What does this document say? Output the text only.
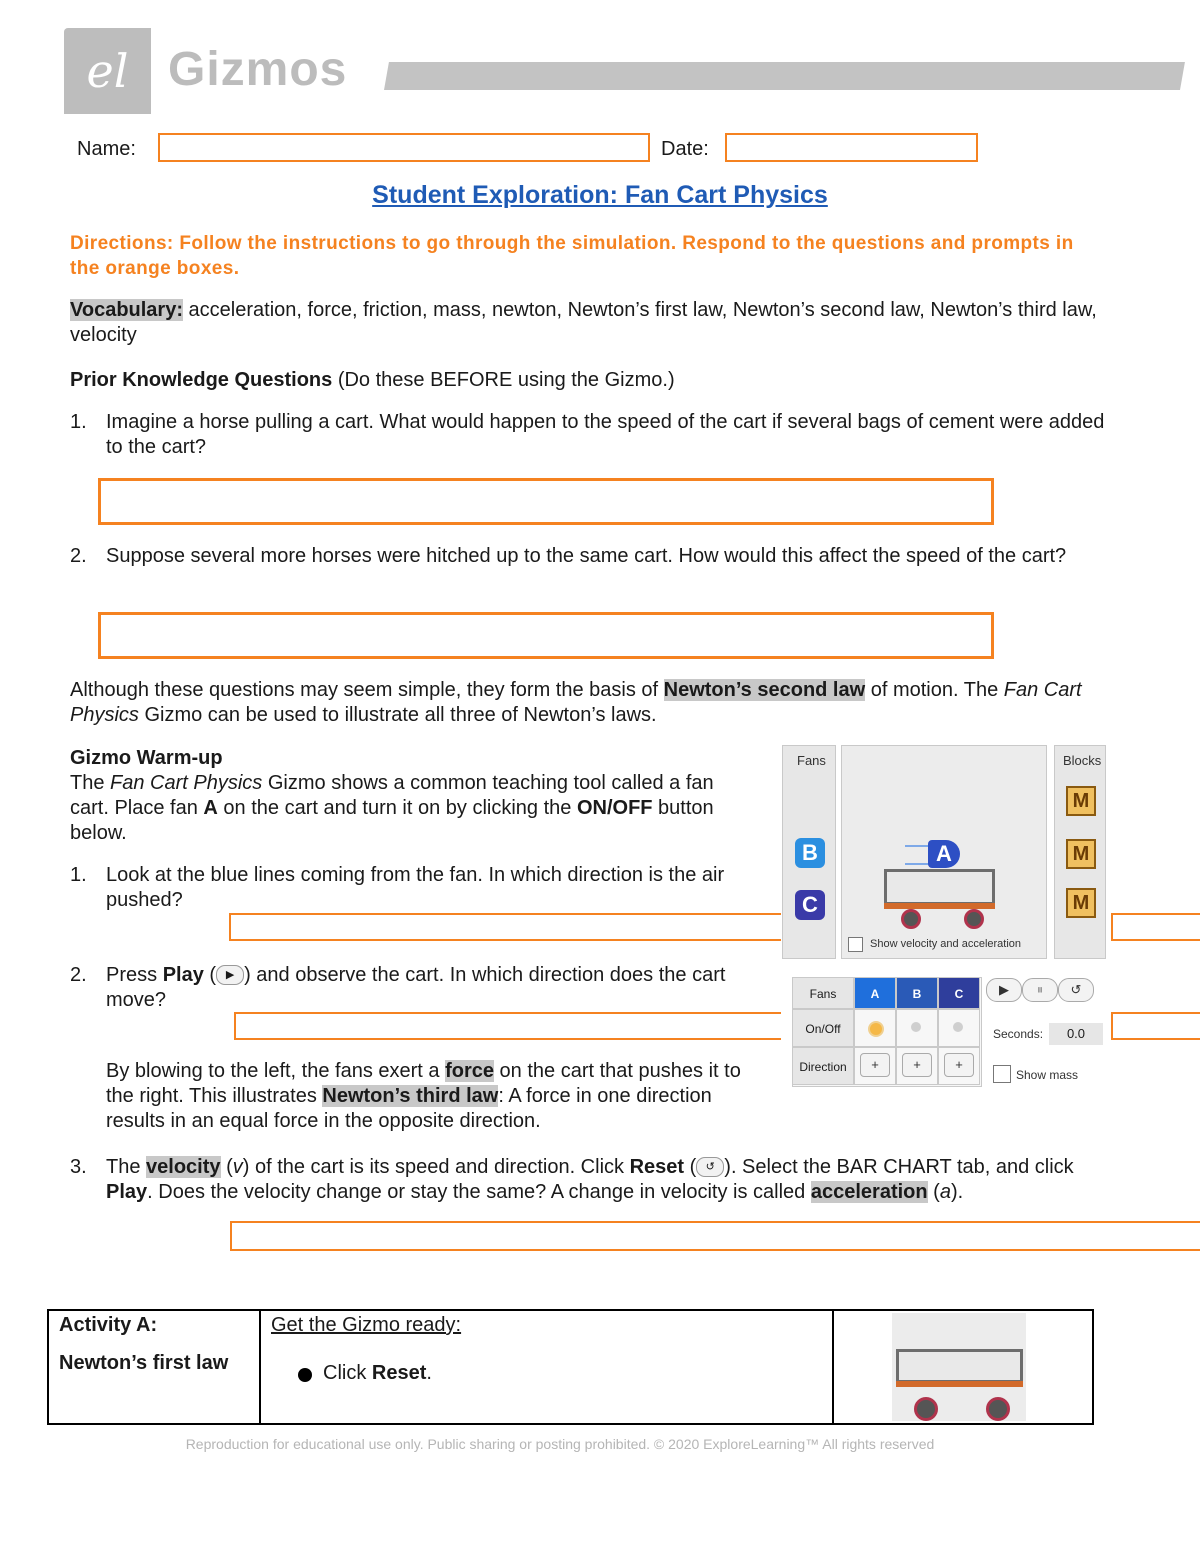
el Gizmos
Name:	Date:
Student Exploration: Fan Cart Physics
Directions: Follow the instructions to go through the simulation. Respond to the questions and prompts in the orange boxes.
Vocabulary: acceleration, force, friction, mass, newton, Newton’s first law, Newton’s second law, Newton’s third law, velocity
Prior Knowledge Questions (Do these BEFORE using the Gizmo.)
1. Imagine a horse pulling a cart. What would happen to the speed of the cart if several bags of cement were added to the cart?
2. Suppose several more horses were hitched up to the same cart. How would this affect the speed of the cart?
Although these questions may seem simple, they form the basis of Newton’s second law of motion. The Fan Cart Physics Gizmo can be used to illustrate all three of Newton’s laws.
Gizmo Warm-up
The Fan Cart Physics Gizmo shows a common teaching tool called a fan cart. Place fan A on the cart and turn it on by clicking the ON/OFF button below.
1. Look at the blue lines coming from the fan. In which direction is the air pushed?
2. Press Play ( ▶ ) and observe the cart. In which direction does the cart move?
By blowing to the left, the fans exert a force on the cart that pushes it to the right. This illustrates Newton’s third law: A force in one direction results in an equal force in the opposite direction.
3. The velocity (v) of the cart is its speed and direction. Click Reset ( ↺ ). Select the BAR CHART tab, and click Play. Does the velocity change or stay the same? A change in velocity is called acceleration (a).
Fans
B
C
A
Show velocity and acceleration
Blocks
M
M
M
Fans	A	B	C
On/Off
Direction	+	+	+
▶	⏸	↺
Seconds:	0.0
Show mass
Activity A:
Newton’s first law
Get the Gizmo ready:
Click Reset.
Reproduction for educational use only. Public sharing or posting prohibited. © 2020 ExploreLearning™ All rights reserved
